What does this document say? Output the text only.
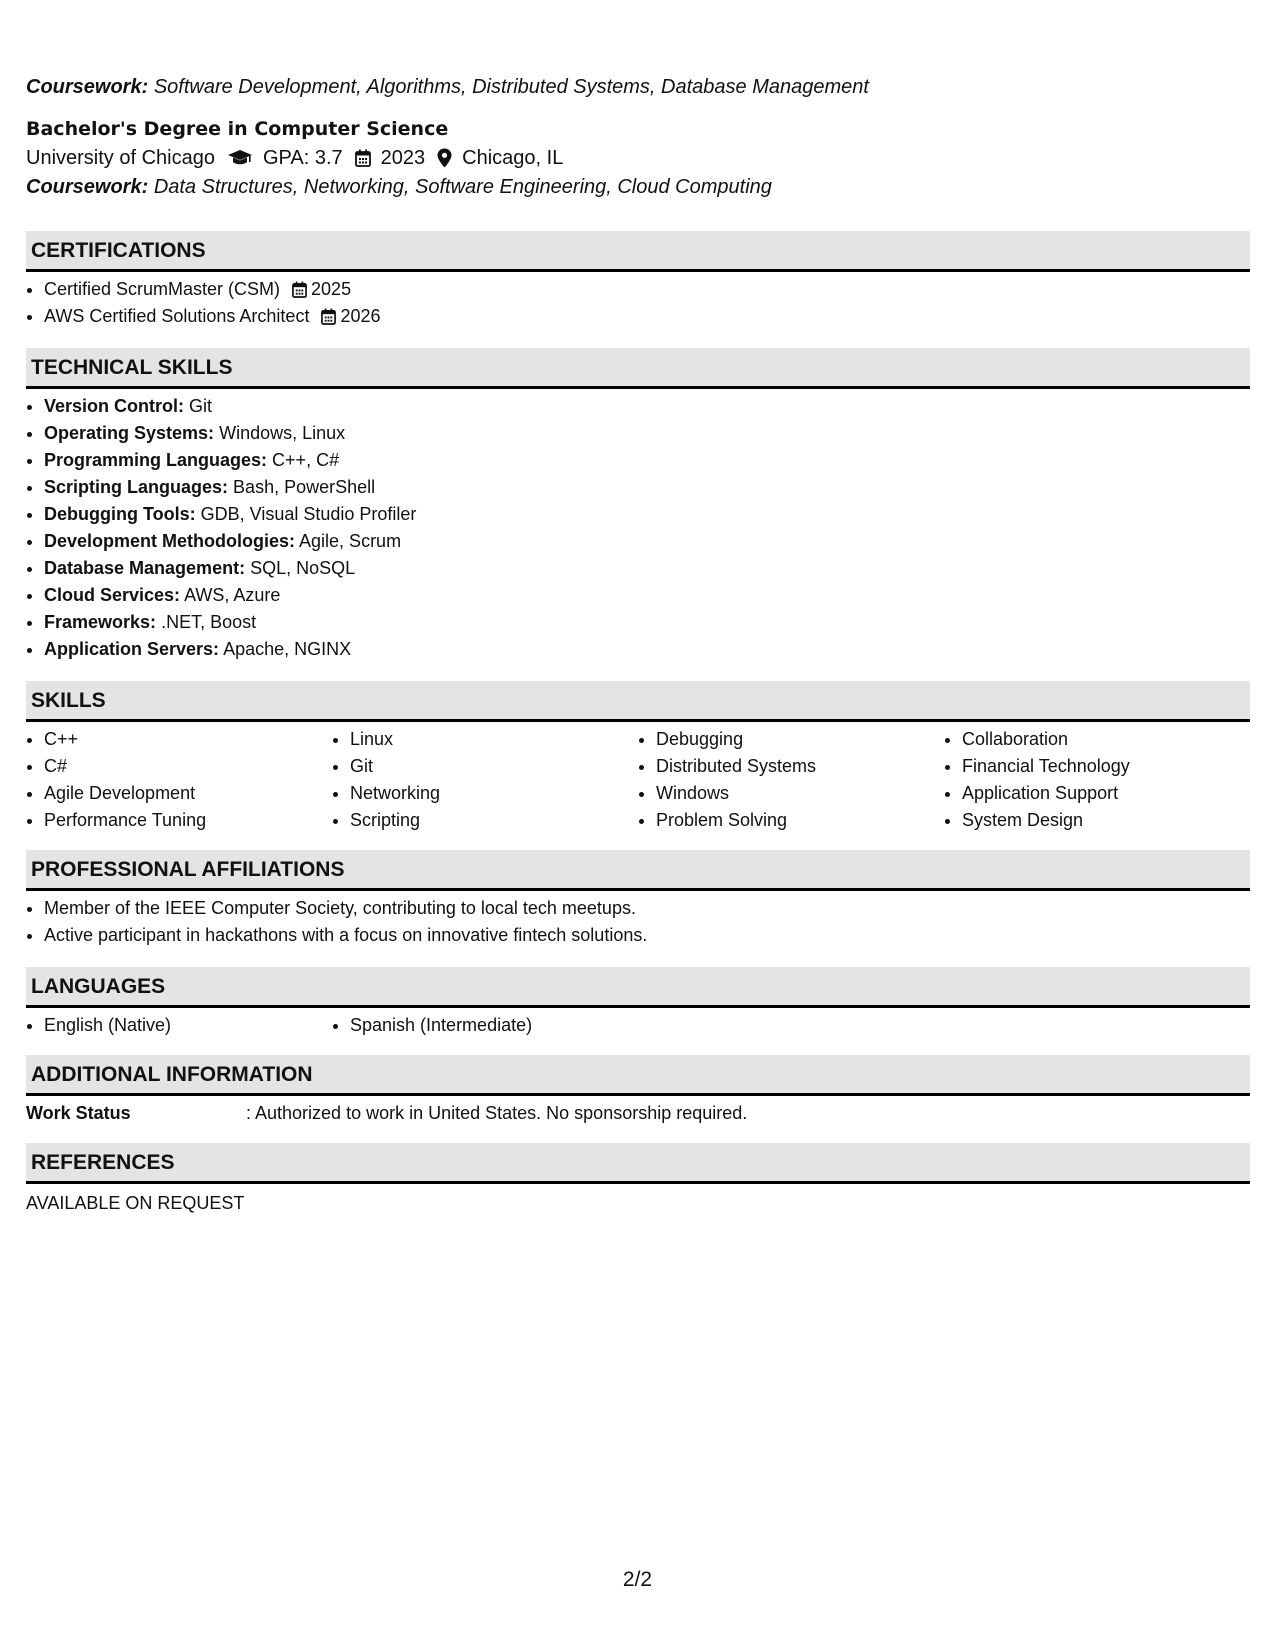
Coursework: Software Development, Algorithms, Distributed Systems, Database Management
Bachelor's Degree in Computer Science
University of Chicago GPA: 3.7 2023 Chicago, IL
Coursework: Data Structures, Networking, Software Engineering, Cloud Computing
CERTIFICATIONS
• Certified ScrumMaster (CSM) 2025
• AWS Certified Solutions Architect 2026
TECHNICAL SKILLS
• Version Control: Git
• Operating Systems: Windows, Linux
• Programming Languages: C++, C#
• Scripting Languages: Bash, PowerShell
• Debugging Tools: GDB, Visual Studio Profiler
• Development Methodologies: Agile, Scrum
• Database Management: SQL, NoSQL
• Cloud Services: AWS, Azure
• Frameworks: .NET, Boost
• Application Servers: Apache, NGINX
SKILLS
• C++
• C#
• Agile Development
• Performance Tuning
• Linux
• Git
• Networking
• Scripting
• Debugging
• Distributed Systems
• Windows
• Problem Solving
• Collaboration
• Financial Technology
• Application Support
• System Design
PROFESSIONAL AFFILIATIONS
• Member of the IEEE Computer Society, contributing to local tech meetups.
• Active participant in hackathons with a focus on innovative fintech solutions.
LANGUAGES
• English (Native)
•	Spanish (Intermediate)
ADDITIONAL INFORMATION
Work Status	: Authorized to work in United States. No sponsorship required.
REFERENCES
AVAILABLE ON REQUEST
2/2
